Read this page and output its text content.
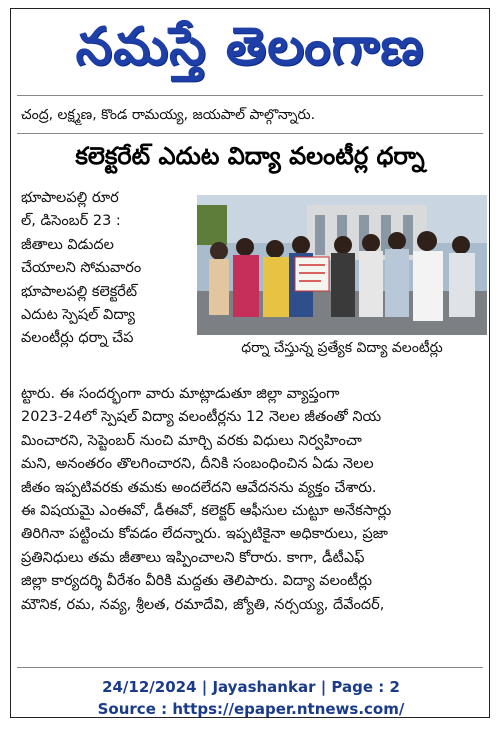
నమస్తే తెలంగాణ
చంద్ర, లక్ష్మణ, కొండ రామయ్య, జయపాల్ పాల్గొన్నారు.
కలెక్టరేట్ ఎదుట విద్యా వలంటీర్ల ధర్నా
భూపాలపల్లి రూర
ల్, డిసెంబర్ 23 :
జీతాలు విడుదల
చేయాలని సోమవారం
భూపాలపల్లి కలెక్టరేట్
ఎదుట స్పెషల్ విద్యా
వలంటీర్లు ధర్నా చేప
ధర్నా చేస్తున్న ప్రత్యేక విద్యా వలంటీర్లు
ట్టారు. ఈ సందర్భంగా వారు మాట్లాడుతూ జిల్లా వ్యాప్తంగా
2023-24లో స్పెషల్ విద్యా వలంటీర్లను 12 నెలల జీతంతో నియ
మించారని, సెప్టెంబర్ నుంచి మార్చి వరకు విధులు నిర్వహించా
మని, అనంతరం తొలగించారని, దీనికి సంబంధించిన ఏడు నెలల
జీతం ఇప్పటివరకు తమకు అందలేదని ఆవేదనను వ్యక్తం చేశారు.
ఈ విషయమై ఎంఈవో, డీఈవో, కలెక్టర్ ఆఫీసుల చుట్టూ అనేకసార్లు
తిరిగినా పట్టించు కోవడం లేదన్నారు. ఇప్పటికైనా అధికారులు, ప్రజా
ప్రతినిధులు తమ జీతాలు ఇప్పించాలని కోరారు. కాగా, డీటీఎఫ్
జిల్లా కార్యదర్శి వీరేశం వీరికి మద్దతు తెలిపారు. విద్యా వలంటీర్లు
మౌనిక, రమ, నవ్య, శ్రీలత, రమాదేవి, జ్యోతి, నర్సయ్య, దేవేందర్,
24/12/2024 | Jayashankar | Page : 2
Source : https://epaper.ntnews.com/
